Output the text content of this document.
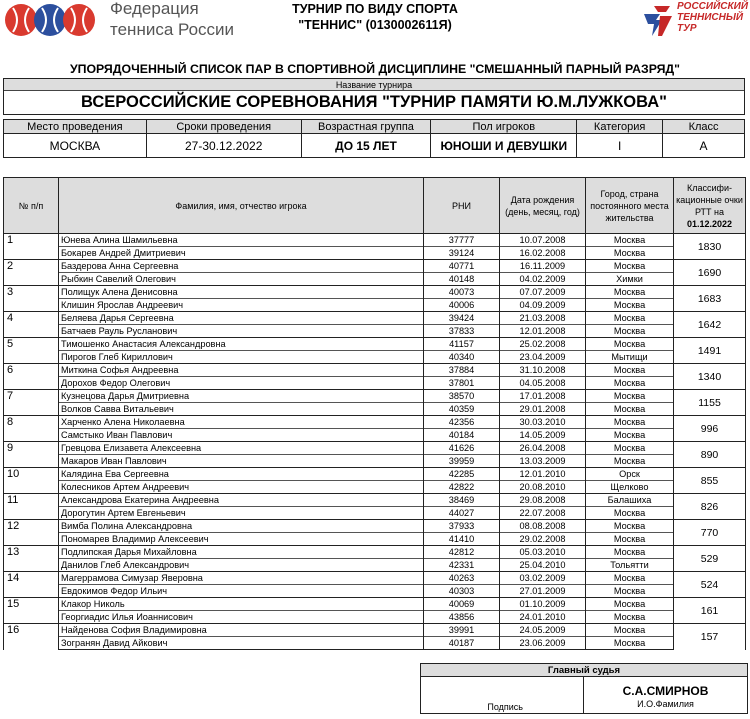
Федерация
тенниса России
ТУРНИР ПО ВИДУ СПОРТА
"ТЕННИС" (0130002611Я)
РОССИЙСКИЙ
ТЕННИСНЫЙ
ТУР
УПОРЯДОЧЕННЫЙ СПИСОК ПАР В СПОРТИВНОЙ ДИСЦИПЛИНЕ "СМЕШАННЫЙ ПАРНЫЙ РАЗРЯД"
Название турнира
ВСЕРОССИЙСКИЕ СОРЕВНОВАНИЯ "ТУРНИР ПАМЯТИ Ю.М.ЛУЖКОВА"
Место проведения	Сроки проведения	Возрастная группа	Пол игроков	Категория	Класс
МОСКВА	27-30.12.2022	ДО 15 ЛЕТ	ЮНОШИ И ДЕВУШКИ	I	А
№ п/п	Фамилия, имя, отчество игрока	РНИ	Дата рождения (день, месяц, год)	Город, страна постоянного места жительства	Классифи-кационные очки РТТ на
01.12.2022
1	Юнева Алина Шамильевна	37777	10.07.2008	Москва	1830
	Бокарев Андрей Дмитриевич	39124	16.02.2008	Москва	
2	Баздерова Анна Сергеевна	40771	16.11.2009	Москва	1690
	Рыбкин Савелий Олегович	40148	04.02.2009	Химки	
3	Полищук Алена Денисовна	40073	07.07.2009	Москва	1683
	Клишин Ярослав Андреевич	40006	04.09.2009	Москва	
4	Беляева Дарья Сергеевна	39424	21.03.2008	Москва	1642
	Батчаев Рауль Русланович	37833	12.01.2008	Москва	
5	Тимошенко Анастасия Александровна	41157	25.02.2008	Москва	1491
	Пирогов Глеб Кириллович	40340	23.04.2009	Мытищи	
6	Миткина Софья Андреевна	37884	31.10.2008	Москва	1340
	Дорохов Федор Олегович	37801	04.05.2008	Москва	
7	Кузнецова Дарья Дмитриевна	38570	17.01.2008	Москва	1155
	Волков Савва Витальевич	40359	29.01.2008	Москва	
8	Харченко Алена Николаевна	42356	30.03.2010	Москва	996
	Самстыко Иван Павлович	40184	14.05.2009	Москва	
9	Гревцова Елизавета Алексеевна	41626	26.04.2008	Москва	890
	Макаров Иван Павлович	39959	13.03.2009	Москва	
10	Калядина Ева Сергеевна	42285	12.01.2010	Орск	855
	Колесников Артем Андреевич	42822	20.08.2010	Щелково	
11	Александрова Екатерина Андреевна	38469	29.08.2008	Балашиха	826
	Дорогутин Артем Евгеньевич	44027	22.07.2008	Москва	
12	Вимба Полина Александровна	37933	08.08.2008	Москва	770
	Пономарев Владимир Алексеевич	41410	29.02.2008	Москва	
13	Подлипская Дарья Михайловна	42812	05.03.2010	Москва	529
	Данилов Глеб Александрович	42331	25.04.2010	Тольятти	
14	Магеррамова Симузар Яверовна	40263	03.02.2009	Москва	524
	Евдокимов Федор Ильич	40303	27.01.2009	Москва	
15	Клакор Николь	40069	01.10.2009	Москва	161
	Георгиадис Илья Иоаннисович	43856	24.01.2010	Москва	
16	Найденова София Владимировна	39991	24.05.2009	Москва	157
	Зогранян Давид Айкович	40187	23.06.2009	Москва	
Главный судья
Подпись
С.А.СМИРНОВ
И.О.Фамилия
